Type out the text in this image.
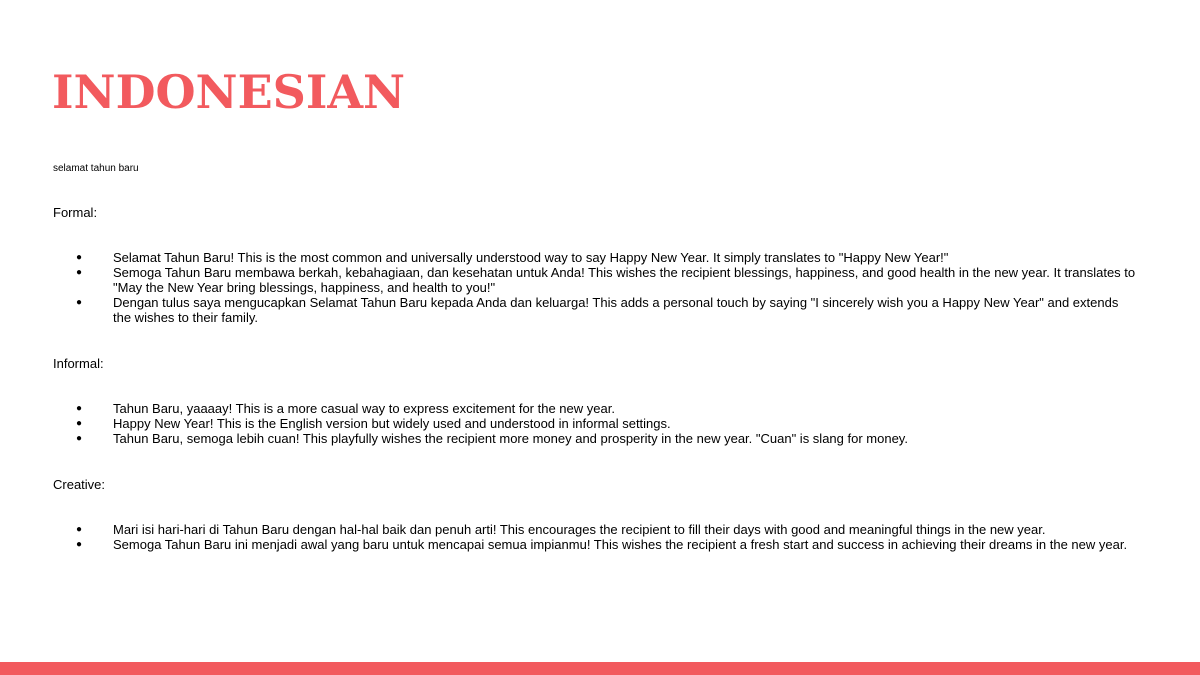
INDONESIAN

selamat tahun baru

Formal:

● Selamat Tahun Baru! This is the most common and universally understood way to say Happy New Year. It simply translates to "Happy New Year!"
● Semoga Tahun Baru membawa berkah, kebahagiaan, dan kesehatan untuk Anda! This wishes the recipient blessings, happiness, and good health in the new year. It translates to "May the New Year bring blessings, happiness, and health to you!"
● Dengan tulus saya mengucapkan Selamat Tahun Baru kepada Anda dan keluarga! This adds a personal touch by saying "I sincerely wish you a Happy New Year" and extends the wishes to their family.

Informal:

● Tahun Baru, yaaaay! This is a more casual way to express excitement for the new year.
● Happy New Year! This is the English version but widely used and understood in informal settings.
● Tahun Baru, semoga lebih cuan! This playfully wishes the recipient more money and prosperity in the new year. "Cuan" is slang for money.

Creative:

● Mari isi hari-hari di Tahun Baru dengan hal-hal baik dan penuh arti! This encourages the recipient to fill their days with good and meaningful things in the new year.
● Semoga Tahun Baru ini menjadi awal yang baru untuk mencapai semua impianmu! This wishes the recipient a fresh start and success in achieving their dreams in the new year.
